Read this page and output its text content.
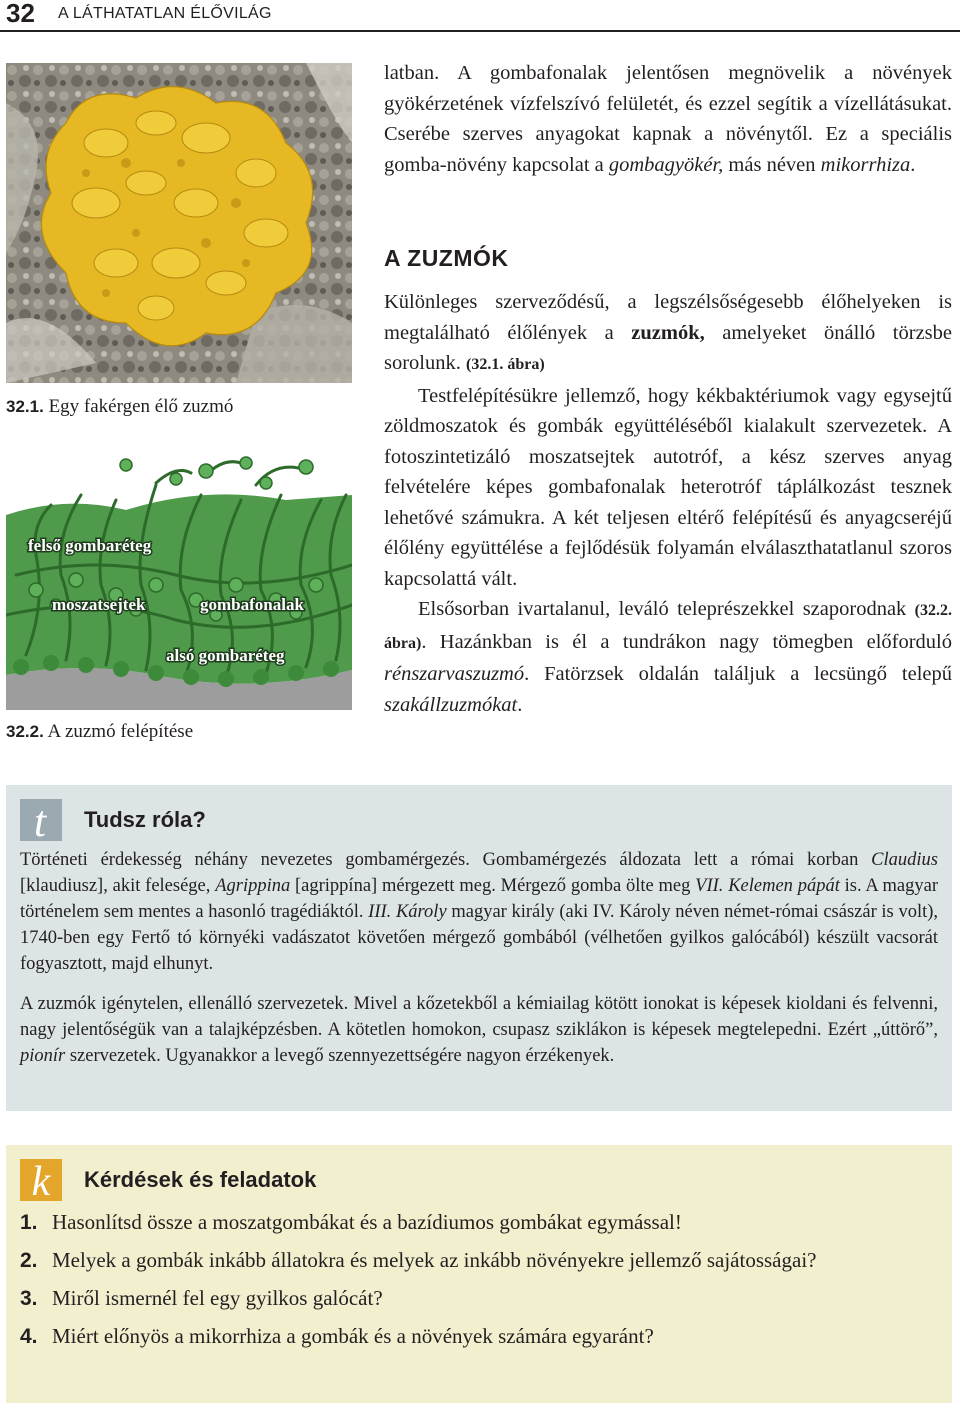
32 A LÁTHATATLAN ÉLŐVILÁG
32.1. Egy fakérgen élő zuzmó
felső gombaréteg
moszatsejtek	gombafonalak
alsó gombaréteg
32.2. A zuzmó felépítése

latban. A gombafonalak jelentősen megnövelik a növények gyökérzetének vízfelszívó felületét, és ezzel segítik a vízellátásukat. Cserébe szerves anyagokat kapnak a növénytől. Ez a speciális gomba-növény kapcsolat a gombagyökér, más néven mikorrhiza.

A ZUZMÓK

Különleges szerveződésű, a legszélsőségesebb élőhelyeken is megtalálható élőlények a zuzmók, amelyeket önálló törzsbe sorolunk. (32.1. ábra)

Testfelépítésükre jellemző, hogy kékbaktériumok vagy egysejtű zöldmoszatok és gombák együttéléséből kialakult szervezetek. A fotoszintetizáló moszatsejtek autotróf, a kész szerves anyag felvételére képes gombafonalak heterotróf táplálkozást tesznek lehetővé számukra. A két teljesen eltérő felépítésű és anyagcseréjű élőlény együttélése a fejlődésük folyamán elválaszthatatlanul szoros kapcsolattá vált.

Elsősorban ivartalanul, leváló teleprészekkel szaporodnak (32.2. ábra). Hazánkban is él a tundrákon nagy tömegben előforduló rénszarvaszuzmó. Fatörzsek oldalán találjuk a lecsüngő telepű szakállzuzmókat.

t Tudsz róla?

Történeti érdekesség néhány nevezetes gombamérgezés. Gombamérgezés áldozata lett a római korban Claudius [klaudiusz], akit felesége, Agrippina [agrippína] mérgezett meg. Mérgező gomba ölte meg VII. Kelemen pápát is. A magyar történelem sem mentes a hasonló tragédiáktól. III. Károly magyar király (aki IV. Károly néven német-római császár is volt), 1740-ben egy Fertő tó környéki vadászatot követően mérgező gombából (vélhetően gyilkos galócából) készült vacsorát fogyasztott, majd elhunyt.

A zuzmók igénytelen, ellenálló szervezetek. Mivel a kőzetekből a kémiailag kötött ionokat is képesek kioldani és felvenni, nagy jelentőségük van a talajképzésben. A kötetlen homokon, csupasz sziklákon is képesek megtelepedni. Ezért „úttörő”, pionír szervezetek. Ugyanakkor a levegő szennyezettségére nagyon érzékenyek.

k Kérdések és feladatok
1. Hasonlítsd össze a moszatgombákat és a bazídiumos gombákat egymással!
2. Melyek a gombák inkább állatokra és melyek az inkább növényekre jellemző sajátosságai?
3. Miről ismernél fel egy gyilkos galócát?
4. Miért előnyös a mikorrhiza a gombák és a növények számára egyaránt?
